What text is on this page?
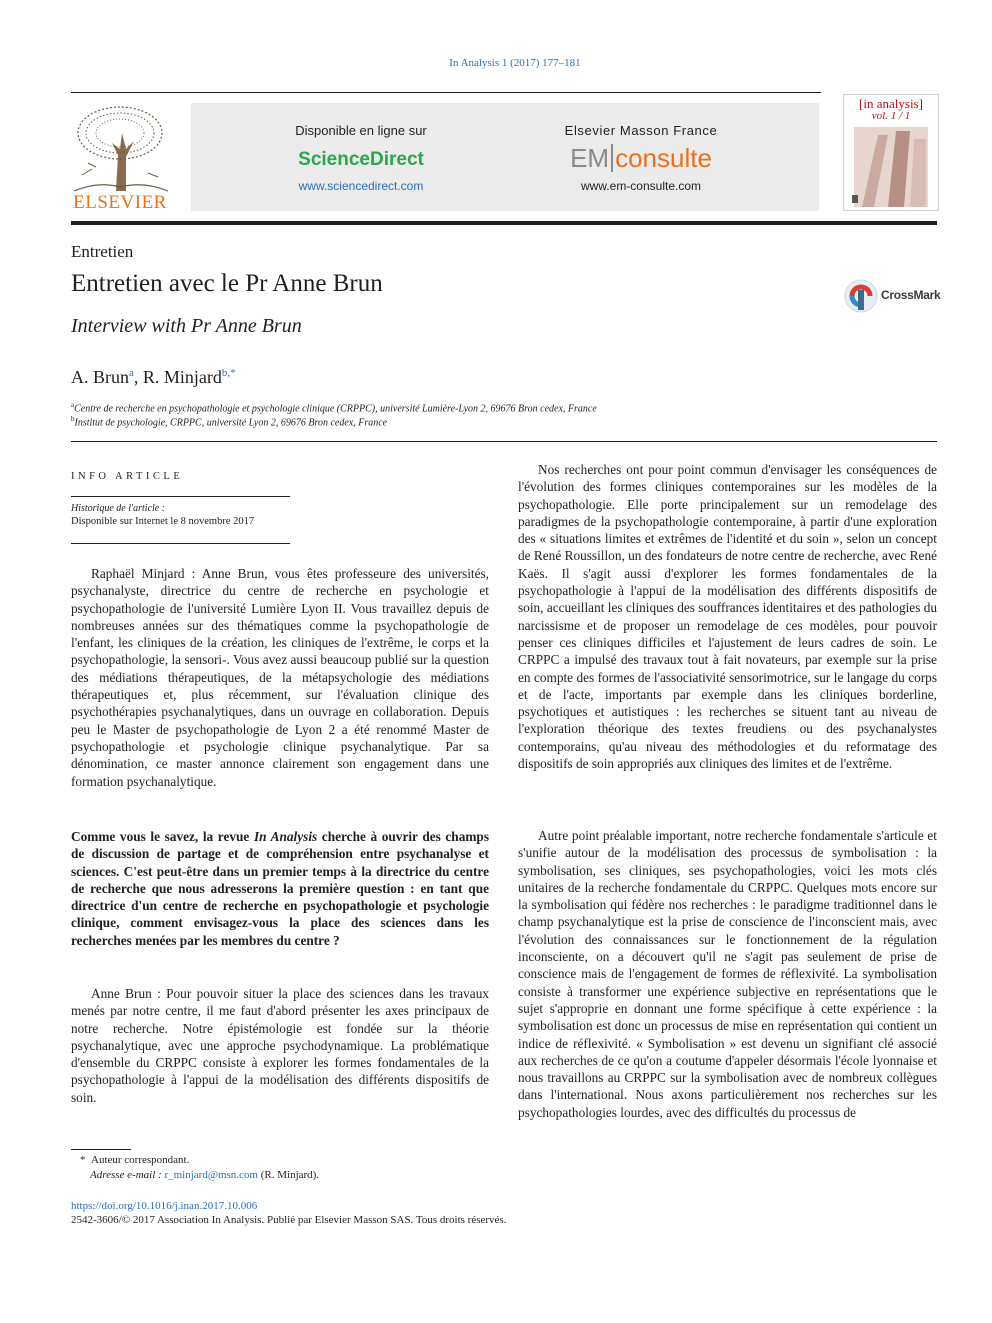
In Analysis 1 (2017) 177–181
ELSEVIER
Disponible en ligne sur
ScienceDirect
www.sciencedirect.com
Elsevier Masson France
EM consulte
www.em-consulte.com
[in analysis]
vol. 1 / 1
Entretien
Entretien avec le Pr Anne Brun
Interview with Pr Anne Brun
CrossMark
A. Brun$^a$, R. Minjard$^{b,*}$
$^a$Centre de recherche en psychopathologie et psychologie clinique (CRPPC), université Lumière-Lyon 2, 69676 Bron cedex, France
$^b$Institut de psychologie, CRPPC, université Lyon 2, 69676 Bron cedex, France
INFO ARTICLE
Historique de l'article :
Disponible sur Internet le 8 novembre 2017
Raphaël Minjard : Anne Brun, vous êtes professeure des universités, psychanalyste, directrice du centre de recherche en psychologie et psychopathologie de l'université Lumière Lyon II. Vous travaillez depuis de nombreuses années sur des thématiques comme la psychopathologie de l'enfant, les cliniques de la création, les cliniques de l'extrême, le corps et la psychopathologie, la sensori-. Vous avez aussi beaucoup publié sur la question des médiations thérapeutiques, de la métapsychologie des médiations thérapeutiques et, plus récemment, sur l'évaluation clinique des psychothérapies psychanalytiques, dans un ouvrage en collaboration. Depuis peu le Master de psychopathologie de Lyon 2 a été renommé Master de psychopathologie et psychologie clinique psychanalytique. Par sa dénomination, ce master annonce clairement son engagement dans une formation psychanalytique.
Comme vous le savez, la revue In Analysis cherche à ouvrir des champs de discussion de partage et de compréhension entre psychanalyse et sciences. C'est peut-être dans un premier temps à la directrice du centre de recherche que nous adresserons la première question : en tant que directrice d'un centre de recherche en psychopathologie et psychologie clinique, comment envisagez-vous la place des sciences dans les recherches menées par les membres du centre ?
Anne Brun : Pour pouvoir situer la place des sciences dans les travaux menés par notre centre, il me faut d'abord présenter les axes principaux de notre recherche. Notre épistémologie est fondée sur la théorie psychanalytique, avec une approche psychodynamique. La problématique d'ensemble du CRPPC consiste à explorer les formes fondamentales de la psychopathologie à l'appui de la modélisation des différents dispositifs de soin.
Nos recherches ont pour point commun d'envisager les conséquences de l'évolution des formes cliniques contemporaines sur les modèles de la psychopathologie. Elle porte principalement sur un remodelage des paradigmes de la psychopathologie contemporaine, à partir d'une exploration des « situations limites et extrêmes de l'identité et du soin », selon un concept de René Roussillon, un des fondateurs de notre centre de recherche, avec René Kaës. Il s'agit aussi d'explorer les formes fondamentales de la psychopathologie à l'appui de la modélisation des différents dispositifs de soin, accueillant les cliniques des souffrances identitaires et des pathologies du narcissisme et de proposer un remodelage de ces modèles, pour pouvoir penser ces cliniques difficiles et l'ajustement de leurs cadres de soin. Le CRPPC a impulsé des travaux tout à fait novateurs, par exemple sur la prise en compte des formes de l'associativité sensorimotrice, sur le langage du corps et de l'acte, importants par exemple dans les cliniques borderline, psychotiques et autistiques : les recherches se situent tant au niveau de l'exploration théorique des textes freudiens ou des psychanalystes contemporains, qu'au niveau des méthodologies et du reformatage des dispositifs de soin appropriés aux cliniques des limites et de l'extrême.
Autre point préalable important, notre recherche fondamentale s'articule et s'unifie autour de la modélisation des processus de symbolisation : la symbolisation, ses cliniques, ses psychopathologies, voici les mots clés unitaires de la recherche fondamentale du CRPPC. Quelques mots encore sur la symbolisation qui fédère nos recherches : le paradigme traditionnel dans le champ psychanalytique est la prise de conscience de l'inconscient mais, avec l'évolution des connaissances sur le fonctionnement de la régulation inconsciente, on a découvert qu'il ne s'agit pas seulement de prise de conscience mais de l'engagement de formes de réflexivité. La symbolisation consiste à transformer une expérience subjective en représentations que le sujet s'approprie en donnant une forme spécifique à cette expérience : la symbolisation est donc un processus de mise en représentation qui contient un indice de réflexivité. « Symbolisation » est devenu un signifiant clé associé aux recherches de ce qu'on a coutume d'appeler désormais l'école lyonnaise et nous travaillons au CRPPC sur la symbolisation avec de nombreux collègues dans l'international. Nous axons particulièrement nos recherches sur les psychopathologies lourdes, avec des difficultés du processus de
* Auteur correspondant.
Adresse e-mail : r_minjard@msn.com (R. Minjard).
https://doi.org/10.1016/j.inan.2017.10.006
2542-3606/© 2017 Association In Analysis. Publié par Elsevier Masson SAS. Tous droits réservés.
